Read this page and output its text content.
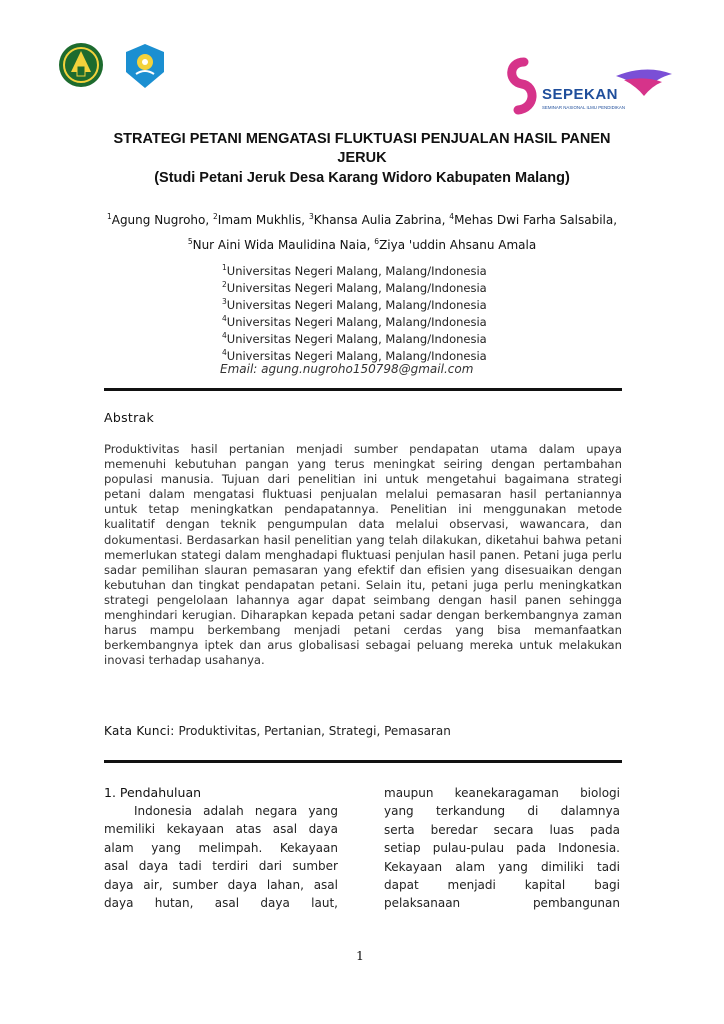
SEPEKAN
SEMINAR NASIONAL ILMU PENDIDIKAN
STRATEGI PETANI MENGATASI FLUKTUASI PENJUALAN HASIL PANEN
JERUK
(Studi Petani Jeruk Desa Karang Widoro Kabupaten Malang)
$^1$Agung Nugroho, $^2$Imam Mukhlis, $^3$Khansa Aulia Zabrina, $^4$Mehas Dwi Farha Salsabila, $^5$Nur Aini Wida Maulidina Naia, $^6$Ziya 'uddin Ahsanu Amala
$^1$Universitas Negeri Malang, Malang/Indonesia
$^2$Universitas Negeri Malang, Malang/Indonesia
$^3$Universitas Negeri Malang, Malang/Indonesia
$^4$Universitas Negeri Malang, Malang/Indonesia
$^4$Universitas Negeri Malang, Malang/Indonesia
$^4$Universitas Negeri Malang, Malang/Indonesia
Email: agung.nugroho150798@gmail.com
Abstrak
Produktivitas hasil pertanian menjadi sumber pendapatan utama dalam upaya memenuhi kebutuhan pangan yang terus meningkat seiring dengan pertambahan populasi manusia. Tujuan dari penelitian ini untuk mengetahui bagaimana strategi petani dalam mengatasi fluktuasi penjualan melalui pemasaran hasil pertaniannya untuk tetap meningkatkan pendapatannya. Penelitian ini menggunakan metode kualitatif dengan teknik pengumpulan data melalui observasi, wawancara, dan dokumentasi. Berdasarkan hasil penelitian yang telah dilakukan, diketahui bahwa petani memerlukan stategi dalam menghadapi fluktuasi penjulan hasil panen. Petani juga perlu sadar pemilihan slauran pemasaran yang efektif dan efisien yang disesuaikan dengan kebutuhan dan tingkat pendapatan petani. Selain itu, petani juga perlu meningkatkan strategi pengelolaan lahannya agar dapat seimbang dengan hasil panen sehingga menghindari kerugian. Diharapkan kepada petani sadar dengan berkembangnya zaman harus mampu berkembang menjadi petani cerdas yang bisa memanfaatkan berkembangnya iptek dan arus globalisasi sebagai peluang mereka untuk melakukan inovasi terhadap usahanya.
Kata Kunci: Produktivitas, Pertanian, Strategi, Pemasaran
1. Pendahuluan
Indonesia adalah negara yang
memiliki kekayaan atas asal daya
alam yang melimpah. Kekayaan
asal daya tadi terdiri dari sumber
daya air, sumber daya lahan, asal
daya hutan, asal daya laut,
maupun keanekaragaman biologi
yang terkandung di dalamnya
serta beredar secara luas pada
setiap pulau-pulau pada Indonesia.
Kekayaan alam yang dimiliki tadi
dapat menjadi kapital bagi
pelaksanaan pembangunan
1
